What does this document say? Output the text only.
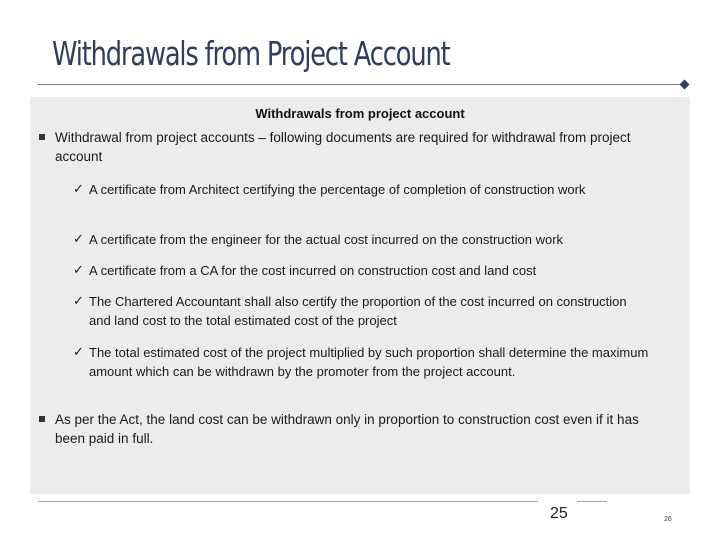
Withdrawals from Project Account
Withdrawals from project account
Withdrawal from project accounts – following documents are required for withdrawal from project account
✓ A certificate from Architect certifying the percentage of completion of construction work
✓ A certificate from the engineer for the actual cost incurred on the construction work
✓ A certificate from a CA for the cost incurred on construction cost and land cost
✓ The Chartered Accountant shall also certify the proportion of the cost incurred on construction and land cost to the total estimated cost of the project
✓ The total estimated cost of the project multiplied by such proportion shall determine the maximum amount which can be withdrawn by the promoter from the project account.
As per the Act, the land cost can be withdrawn only in proportion to construction cost even if it has been paid in full.
25	26
